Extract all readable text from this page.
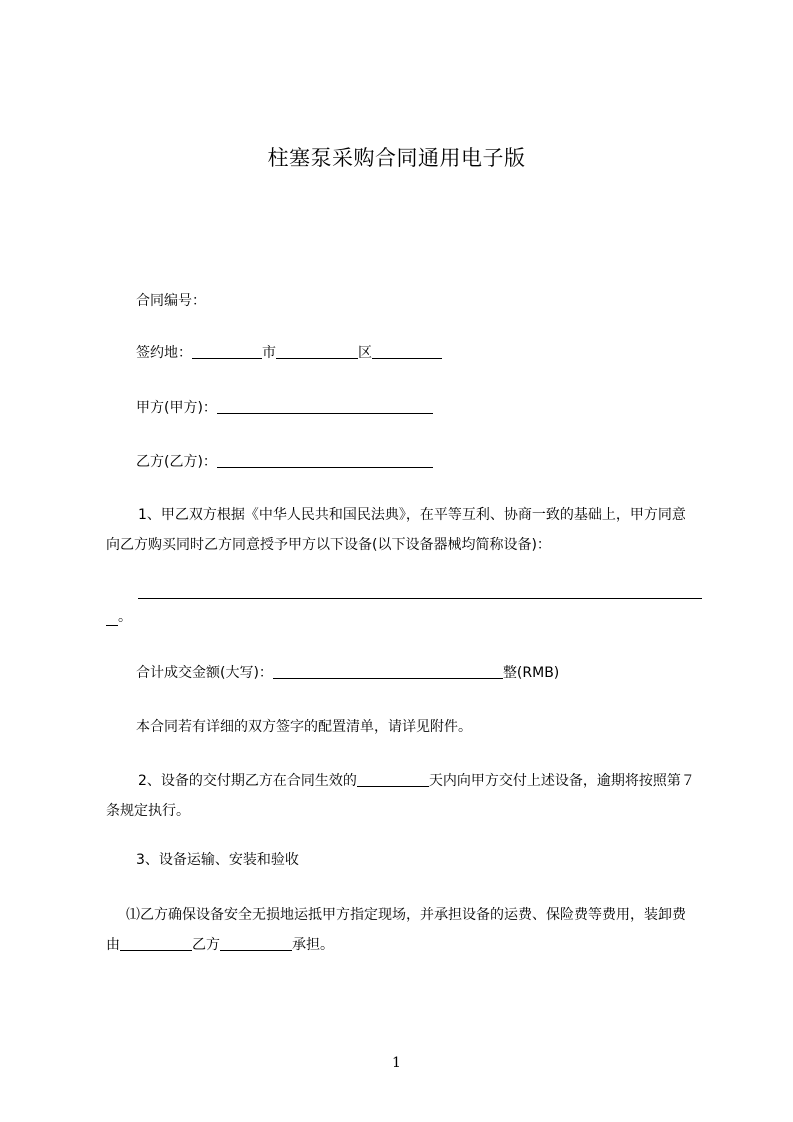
柱塞泵采购合同通用电子版
合同编号：
签约地：	市	区
甲方(甲方)：
乙方(乙方)：
1、甲乙双方根据《中华人民共和国民法典》，在平等互利、协商一致的基础上，甲方同意向乙方购买同时乙方同意授予甲方以下设备(以下设备器械均简称设备)：
。
合计成交金额(大写)：	整(RMB)
本合同若有详细的双方签字的配置清单，请详见附件。
2、设备的交付期乙方在合同生效的	天内向甲方交付上述设备，逾期将按照第７条规定执行。
3、设备运输、安装和验收
⑴乙方确保设备安全无损地运抵甲方指定现场，并承担设备的运费、保险费等费用，装卸费由	乙方	承担。
1
